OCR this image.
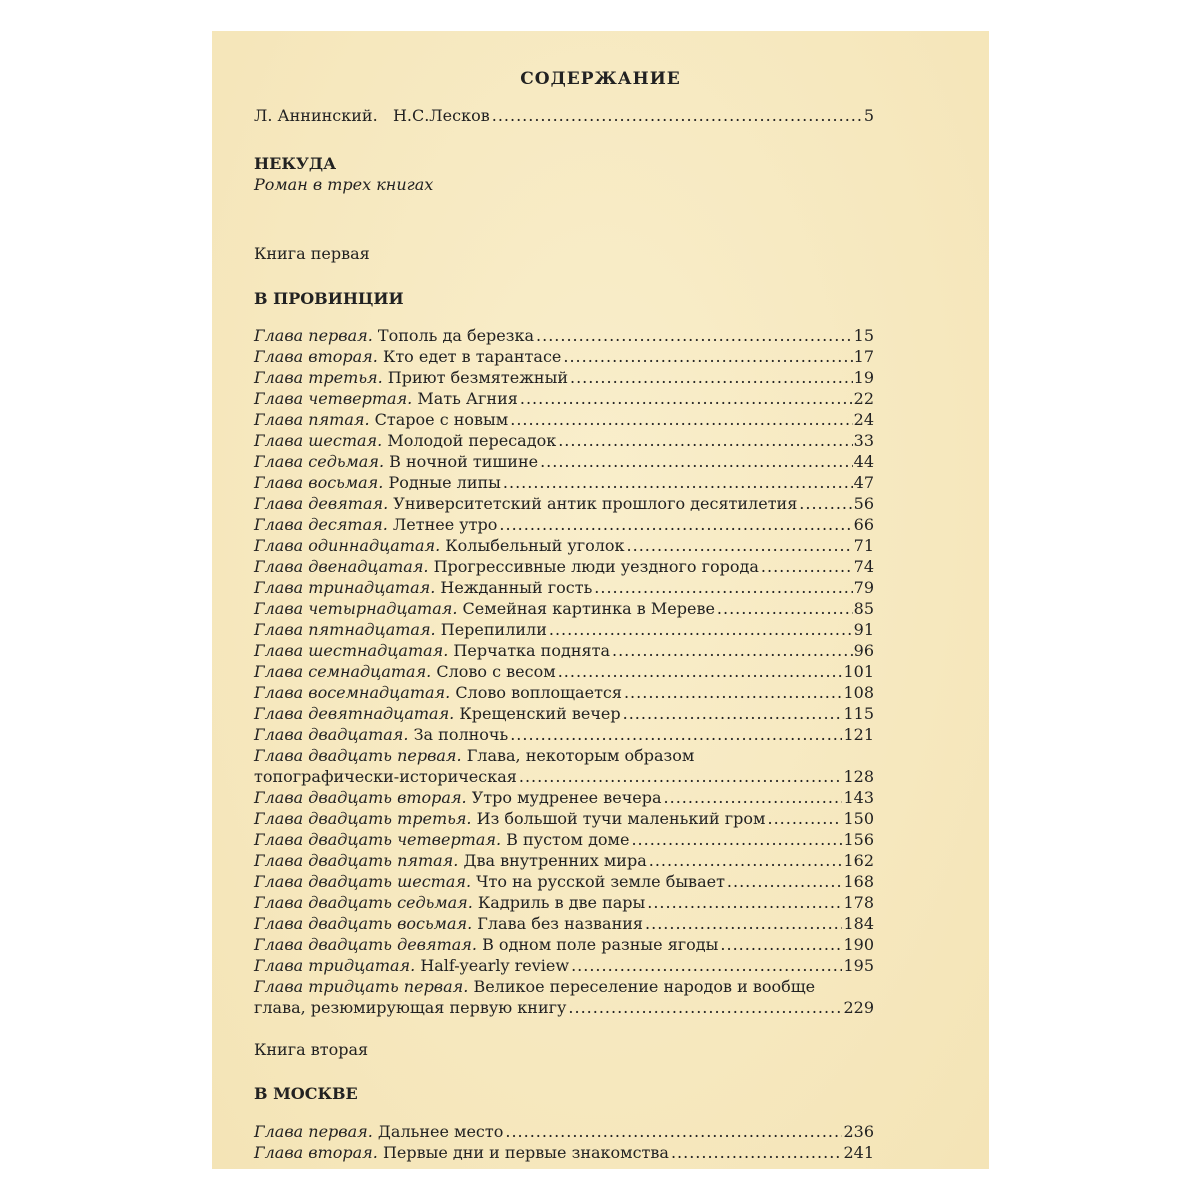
СОДЕРЖАНИЕ
Л. Аннинский. Н.С.Лесков .....	5
НЕКУДА
Роман в трех книгах
Книга первая
В ПРОВИНЦИИ
Глава первая. Тополь да березка .....	15
Глава вторая. Кто едет в тарантасе .....	17
Глава третья. Приют безмятежный .....	19
Глава четвертая. Мать Агния .....	22
Глава пятая. Старое с новым .....	24
Глава шестая. Молодой пересадок .....	33
Глава седьмая. В ночной тишине .....	44
Глава восьмая. Родные липы .....	47
Глава девятая. Университетский антик прошлого десятилетия .....	56
Глава десятая. Летнее утро .....	66
Глава одиннадцатая. Колыбельный уголок .....	71
Глава двенадцатая. Прогрессивные люди уездного города .....	74
Глава тринадцатая. Нежданный гость .....	79
Глава четырнадцатая. Семейная картинка в Мереве .....	85
Глава пятнадцатая. Перепилили .....	91
Глава шестнадцатая. Перчатка поднята .....	96
Глава семнадцатая. Слово с весом .....	101
Глава восемнадцатая. Слово воплощается .....	108
Глава девятнадцатая. Крещенский вечер .....	115
Глава двадцатая. За полночь .....	121
Глава двадцать первая. Глава, некоторым образом
топографически-историческая .....	128
Глава двадцать вторая. Утро мудренее вечера .....	143
Глава двадцать третья. Из большой тучи маленький гром .....	150
Глава двадцать четвертая. В пустом доме .....	156
Глава двадцать пятая. Два внутренних мира .....	162
Глава двадцать шестая. Что на русской земле бывает .....	168
Глава двадцать седьмая. Кадриль в две пары .....	178
Глава двадцать восьмая. Глава без названия .....	184
Глава двадцать девятая. В одном поле разные ягоды .....	190
Глава тридцатая. Half-yearly review .....	195
Глава тридцать первая. Великое переселение народов и вообще
глава, резюмирующая первую книгу .....	229
Книга вторая
В МОСКВЕ
Глава первая. Дальнее место .....	236
Глава вторая. Первые дни и первые знакомства .....	241
